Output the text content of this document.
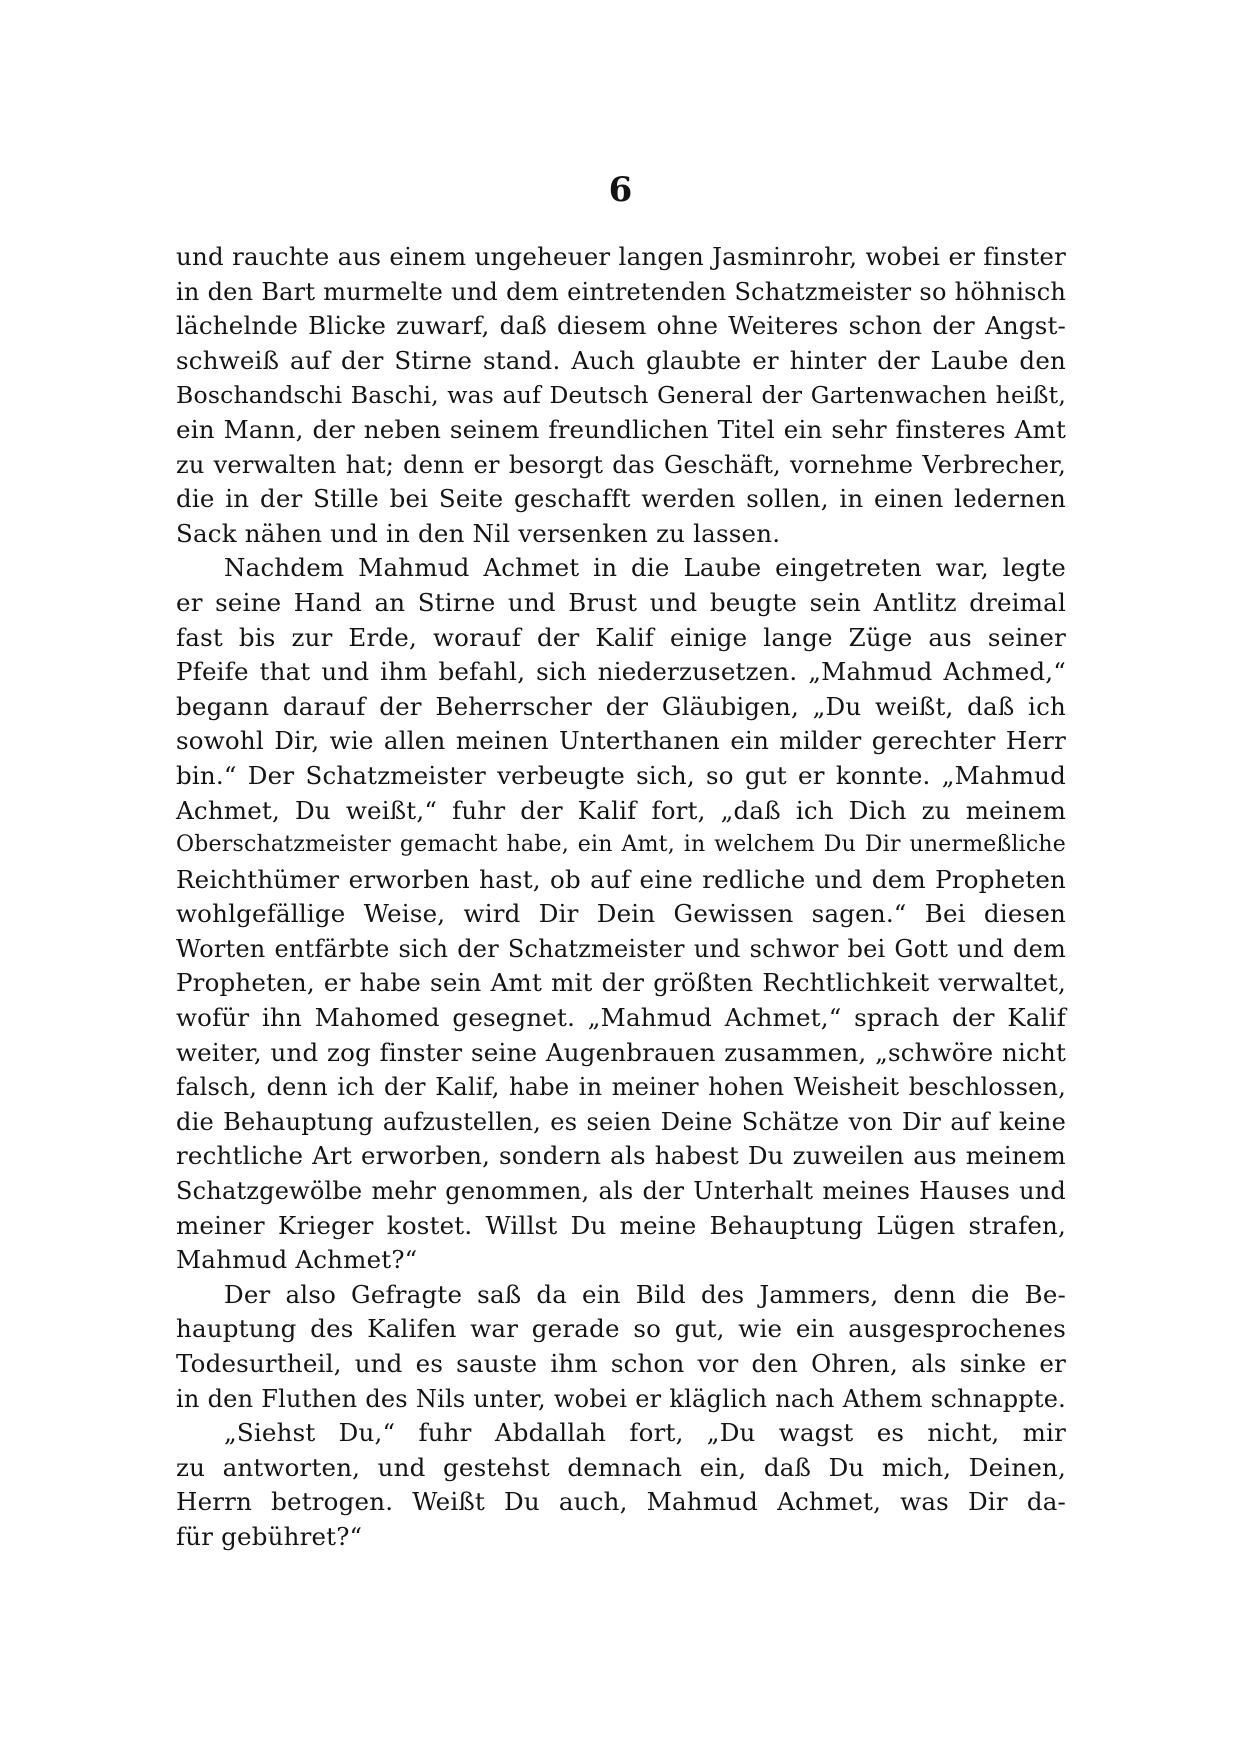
6
und rauchte aus einem ungeheuer langen Jasminrohr, wobei er finster
in den Bart murmelte und dem eintretenden Schatzmeister so höhnisch
lächelnde Blicke zuwarf, daß diesem ohne Weiteres schon der Angst-
schweiß auf der Stirne stand. Auch glaubte er hinter der Laube den
Boschandschi Baschi, was auf Deutsch General der Gartenwachen heißt,
ein Mann, der neben seinem freundlichen Titel ein sehr finsteres Amt
zu verwalten hat; denn er besorgt das Geschäft, vornehme Verbrecher,
die in der Stille bei Seite geschafft werden sollen, in einen ledernen
Sack nähen und in den Nil versenken zu lassen.
Nachdem Mahmud Achmet in die Laube eingetreten war, legte
er seine Hand an Stirne und Brust und beugte sein Antlitz dreimal
fast bis zur Erde, worauf der Kalif einige lange Züge aus seiner
Pfeife that und ihm befahl, sich niederzusetzen. „Mahmud Achmed,“
begann darauf der Beherrscher der Gläubigen, „Du weißt, daß ich
sowohl Dir, wie allen meinen Unterthanen ein milder gerechter Herr
bin.“ Der Schatzmeister verbeugte sich, so gut er konnte. „Mahmud
Achmet, Du weißt,“ fuhr der Kalif fort, „daß ich Dich zu meinem
Oberschatzmeister gemacht habe, ein Amt, in welchem Du Dir unermeßliche
Reichthümer erworben hast, ob auf eine redliche und dem Propheten
wohlgefällige Weise, wird Dir Dein Gewissen sagen.“ Bei diesen
Worten entfärbte sich der Schatzmeister und schwor bei Gott und dem
Propheten, er habe sein Amt mit der größten Rechtlichkeit verwaltet,
wofür ihn Mahomed gesegnet. „Mahmud Achmet,“ sprach der Kalif
weiter, und zog finster seine Augenbrauen zusammen, „schwöre nicht
falsch, denn ich der Kalif, habe in meiner hohen Weisheit beschlossen,
die Behauptung aufzustellen, es seien Deine Schätze von Dir auf keine
rechtliche Art erworben, sondern als habest Du zuweilen aus meinem
Schatzgewölbe mehr genommen, als der Unterhalt meines Hauses und
meiner Krieger kostet. Willst Du meine Behauptung Lügen strafen,
Mahmud Achmet?“
Der also Gefragte saß da ein Bild des Jammers, denn die Be-
hauptung des Kalifen war gerade so gut, wie ein ausgesprochenes
Todesurtheil, und es sauste ihm schon vor den Ohren, als sinke er
in den Fluthen des Nils unter, wobei er kläglich nach Athem schnappte.
„Siehst Du,“ fuhr Abdallah fort, „Du wagst es nicht, mir
zu antworten, und gestehst demnach ein, daß Du mich, Deinen,
Herrn betrogen. Weißt Du auch, Mahmud Achmet, was Dir da-
für gebühret?“
